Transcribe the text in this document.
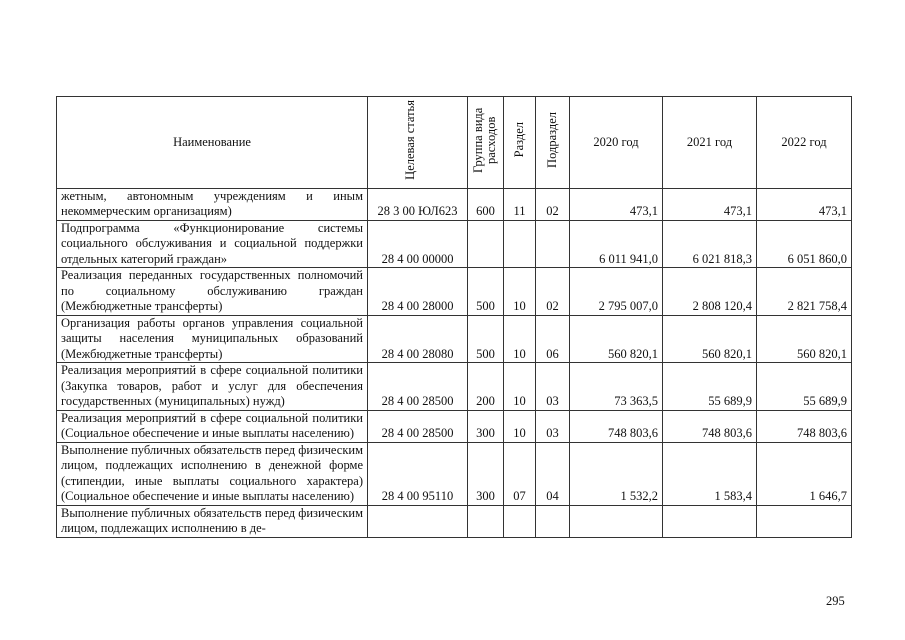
Наименование	Целевая статья	Группа вида расходов	Раздел	Подраздел	2020 год	2021 год	2022 год
жетным, автономным учреждениям и иным некоммерческим организациям)	28 3 00 ЮЛ623	600	11	02	473,1	473,1	473,1
Подпрограмма «Функционирование системы социального обслуживания и социальной поддержки отдельных категорий граждан»	28 4 00 00000				6 011 941,0	6 021 818,3	6 051 860,0
Реализация переданных государственных полномочий по социальному обслуживанию граждан (Межбюджетные трансферты)	28 4 00 28000	500	10	02	2 795 007,0	2 808 120,4	2 821 758,4
Организация работы органов управления социальной защиты населения муниципальных образований (Межбюджетные трансферты)	28 4 00 28080	500	10	06	560 820,1	560 820,1	560 820,1
Реализация мероприятий в сфере социальной политики (Закупка товаров, работ и услуг для обеспечения государственных (муниципальных) нужд)	28 4 00 28500	200	10	03	73 363,5	55 689,9	55 689,9
Реализация мероприятий в сфере социальной политики (Социальное обеспечение и иные выплаты населению)	28 4 00 28500	300	10	03	748 803,6	748 803,6	748 803,6
Выполнение публичных обязательств перед физическим лицом, подлежащих исполнению в денежной форме (стипендии, иные выплаты социального характера) (Социальное обеспечение и иные выплаты населению)	28 4 00 95110	300	07	04	1 532,2	1 583,4	1 646,7
Выполнение публичных обязательств перед физическим лицом, подлежащих исполнению в де-							
295
